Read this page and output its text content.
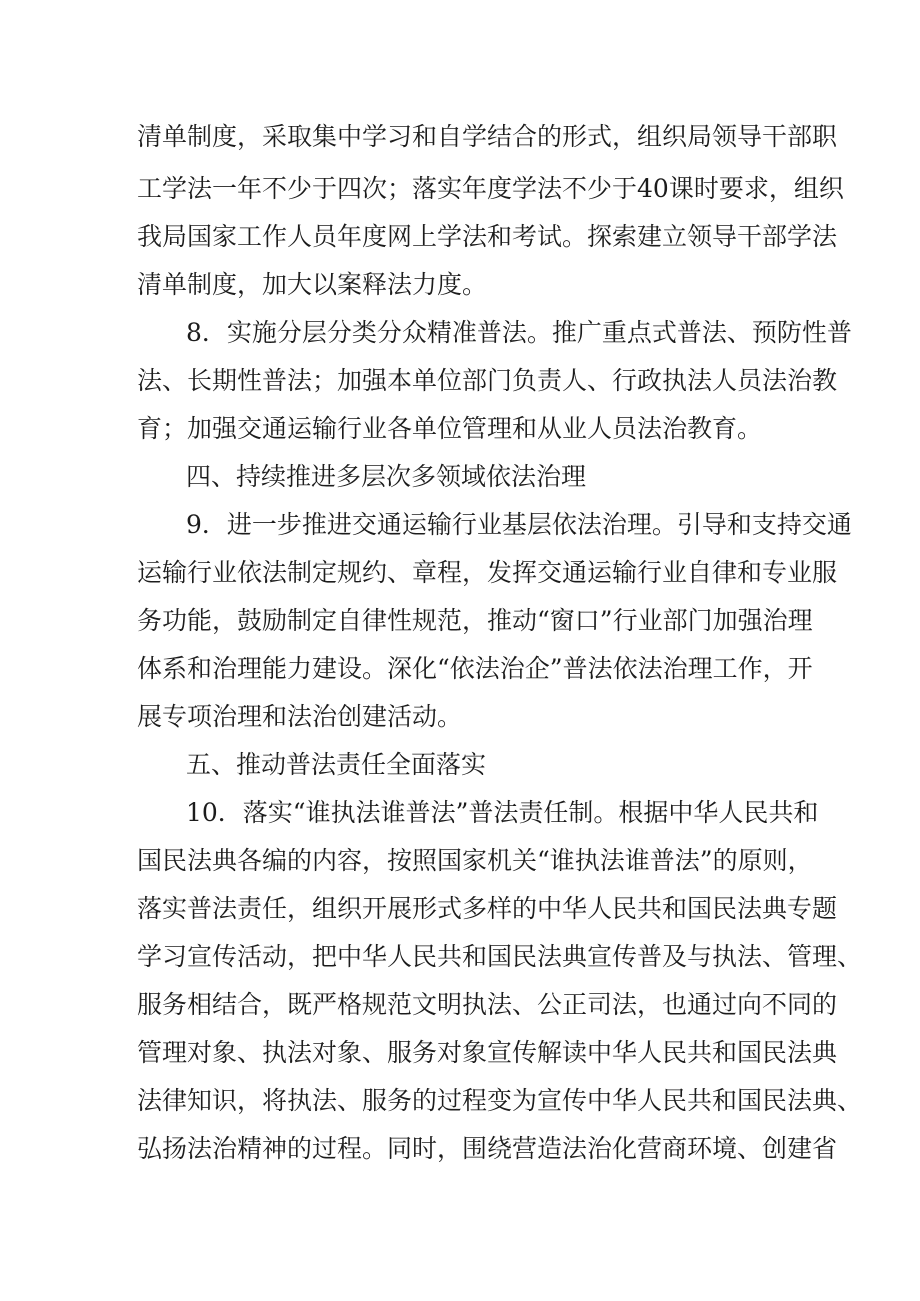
清单制度，采取集中学习和自学结合的形式，组织局领导干部职
工学法一年不少于四次；落实年度学法不少于40课时要求，组织
我局国家工作人员年度网上学法和考试。探索建立领导干部学法
清单制度，加大以案释法力度。
8．实施分层分类分众精准普法。推广重点式普法、预防性普
法、长期性普法；加强本单位部门负责人、行政执法人员法治教
育；加强交通运输行业各单位管理和从业人员法治教育。
四、持续推进多层次多领域依法治理
9．进一步推进交通运输行业基层依法治理。引导和支持交通
运输行业依法制定规约、章程，发挥交通运输行业自律和专业服
务功能，鼓励制定自律性规范，推动“窗口”行业部门加强治理
体系和治理能力建设。深化“依法治企”普法依法治理工作，开
展专项治理和法治创建活动。
五、推动普法责任全面落实
10．落实“谁执法谁普法”普法责任制。根据中华人民共和
国民法典各编的内容，按照国家机关“谁执法谁普法”的原则，
落实普法责任，组织开展形式多样的中华人民共和国民法典专题
学习宣传活动，把中华人民共和国民法典宣传普及与执法、管理、
服务相结合，既严格规范文明执法、公正司法，也通过向不同的
管理对象、执法对象、服务对象宣传解读中华人民共和国民法典
法律知识，将执法、服务的过程变为宣传中华人民共和国民法典、
弘扬法治精神的过程。同时，围绕营造法治化营商环境、创建省
